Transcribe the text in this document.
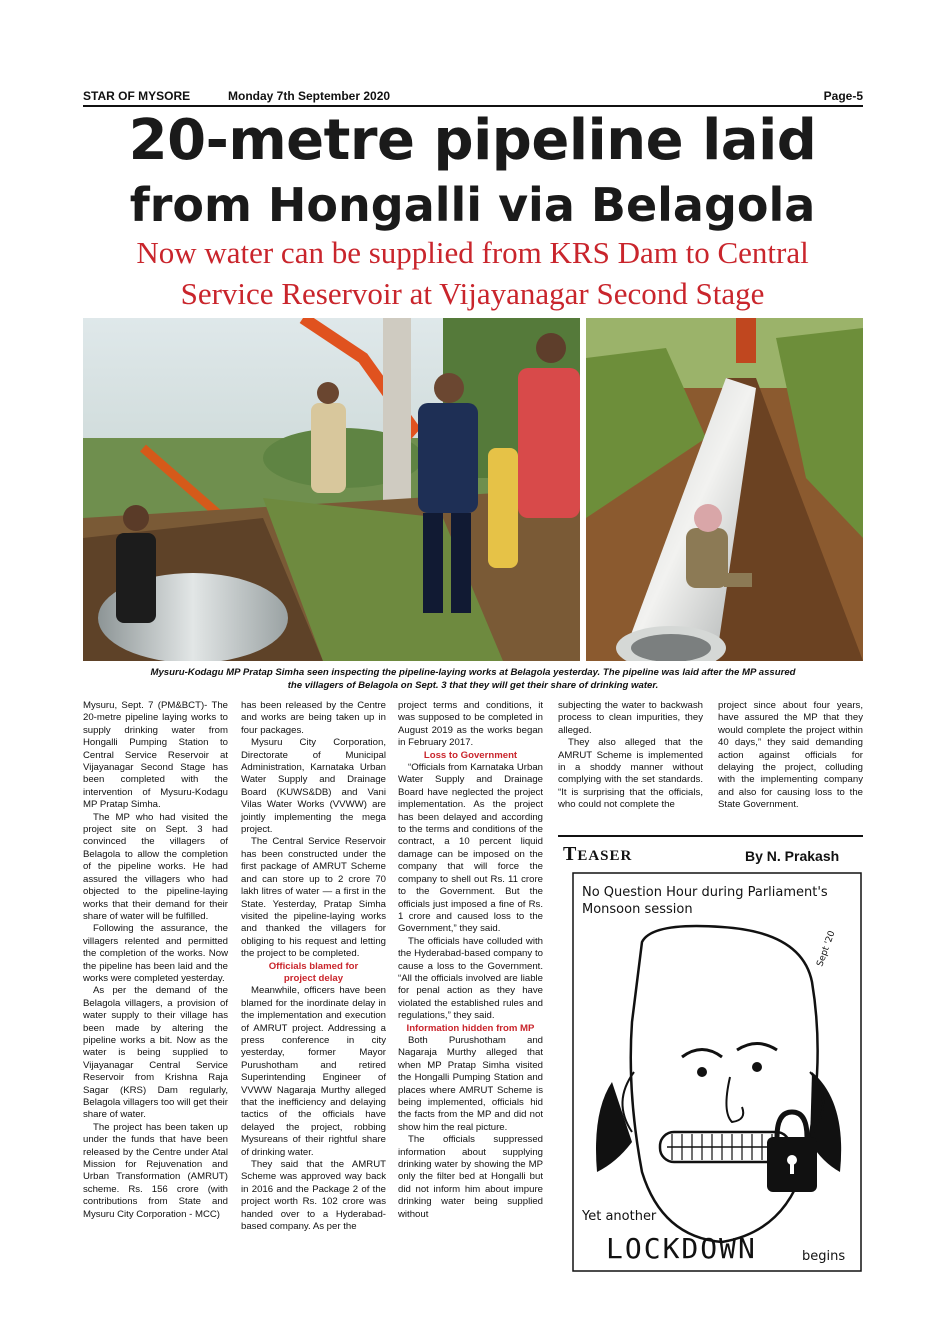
STAR OF MYSORE	Monday 7th September 2020	Page-5
20-metre pipeline laid
from Hongalli via Belagola
Now water can be supplied from KRS Dam to Central
Service Reservoir at Vijayanagar Second Stage
Mysuru-Kodagu MP Pratap Simha seen inspecting the pipeline-laying works at Belagola yesterday. The pipeline was laid after the MP assured
the villagers of Belagola on Sept. 3 that they will get their share of drinking water.

Mysuru, Sept. 7 (PM&BCT)- The 20-metre pipeline laying works to supply drinking water from Hongalli Pumping Station to Central Service Reservoir at Vijayanagar Second Stage has been completed with the intervention of Mysuru-Kodagu MP Pratap Simha.

The MP who had visited the project site on Sept. 3 had convinced the villagers of Belagola to allow the completion of the pipeline works. He had assured the villagers who had objected to the pipeline-laying works that their demand for their share of water will be fulfilled.

Following the assurance, the villagers relented and permitted the completion of the works. Now the pipeline has been laid and the works were completed yesterday.

As per the demand of the Belagola villagers, a provision of water supply to their village has been made by altering the pipeline works a bit. Now as the water is being supplied to Vijayanagar Central Service Reservoir from Krishna Raja Sagar (KRS) Dam regularly, Belagola villagers too will get their share of water.

The project has been taken up under the funds that have been released by the Centre under Atal Mission for Rejuvenation and Urban Transformation (AMRUT) scheme. Rs. 156 crore (with contributions from State and Mysuru City Corporation - MCC)

has been released by the Centre and works are being taken up in four packages.

Mysuru City Corporation, Directorate of Municipal Administration, Karnataka Urban Water Supply and Drainage Board (KUWS&DB) and Vani Vilas Water Works (VVWW) are jointly implementing the mega project.

The Central Service Reservoir has been constructed under the first package of AMRUT Scheme and can store up to 2 crore 70 lakh litres of water — a first in the State. Yesterday, Pratap Simha visited the pipeline-laying works and thanked the villagers for obliging to his request and letting the project to be completed.

Officials blamed for
project delay

Meanwhile, officers have been blamed for the inordinate delay in the implementation and execution of AMRUT project. Addressing a press conference in city yesterday, former Mayor Purushotham and retired Superintending Engineer of VVWW Nagaraja Murthy alleged that the inefficiency and delaying tactics of the officials have delayed the project, robbing Mysureans of their rightful share of drinking water.

They said that the AMRUT Scheme was approved way back in 2016 and the Package 2 of the project worth Rs. 102 crore was handed over to a Hyderabad-based company. As per the

project terms and conditions, it was supposed to be completed in August 2019 as the works began in February 2017.

Loss to Government

“Officials from Karnataka Urban Water Supply and Drainage Board have neglected the project implementation. As the project has been delayed and according to the terms and conditions of the contract, a 10 percent liquid damage can be imposed on the company that will force the company to shell out Rs. 11 crore to the Government. But the officials just imposed a fine of Rs. 1 crore and caused loss to the Government,” they said.

The officials have colluded with the Hyderabad-based company to cause a loss to the Government. “All the officials involved are liable for penal action as they have violated the established rules and regulations,” they said.

Information hidden from MP

Both Purushotham and Nagaraja Murthy alleged that when MP Pratap Simha visited the Hongalli Pumping Station and places where AMRUT Scheme is being implemented, officials hid the facts from the MP and did not show him the real picture.

The officials suppressed information about supplying drinking water by showing the MP only the filter bed at Hongalli but did not inform him about impure drinking water being supplied without

subjecting the water to backwash process to clean impurities, they alleged.

They also alleged that the AMRUT Scheme is implemented in a shoddy manner without complying with the set standards. “It is surprising that the officials, who could not complete the

project since about four years, have assured the MP that they would complete the project within 40 days,” they said demanding action against officials for delaying the project, colluding with the implementing company and also for causing loss to the State Government.

TEASER	By N. Prakash
No Question Hour during Parliament's
Monsoon session
Sept '20
Yet another
LOCKDOWN	begins
